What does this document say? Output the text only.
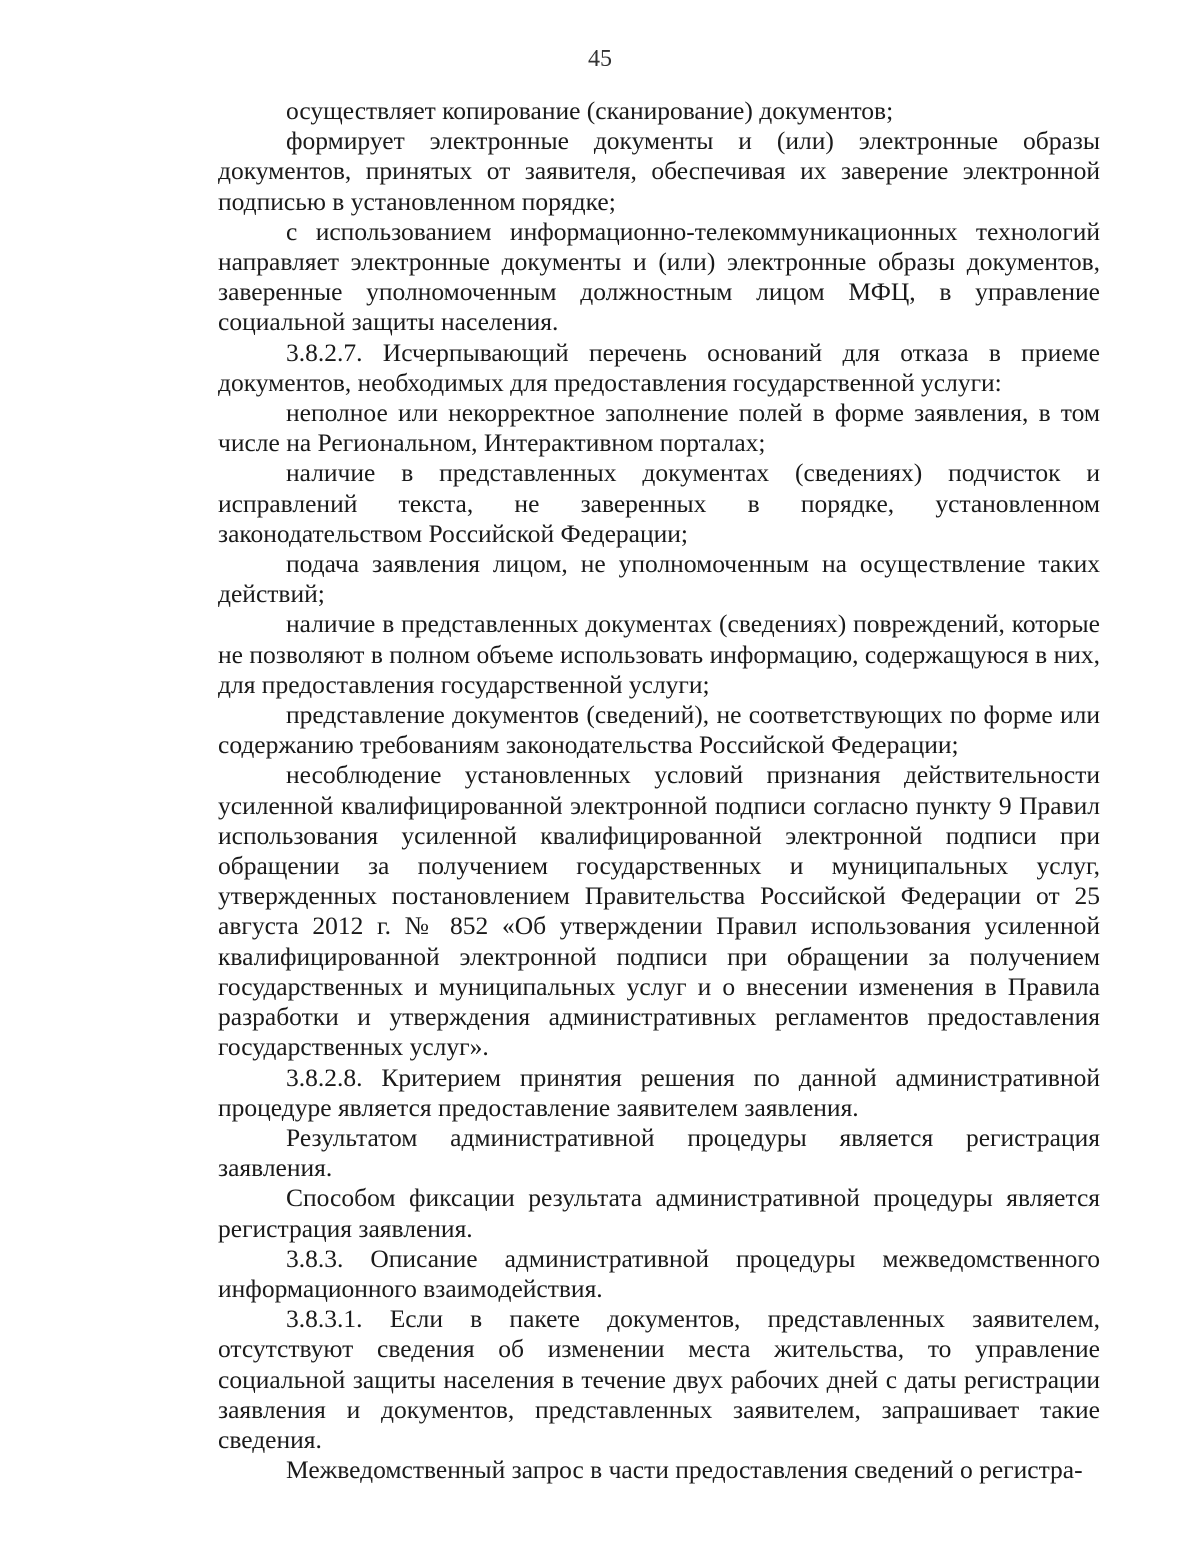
45

осуществляет копирование (сканирование) документов;

формирует электронные документы и (или) электронные образы документов, принятых от заявителя, обеспечивая их заверение электронной подписью в установленном порядке;

с использованием информационно-телекоммуникационных технологий направляет электронные документы и (или) электронные образы документов, заверенные уполномоченным должностным лицом МФЦ, в управление социальной защиты населения.

3.8.2.7. Исчерпывающий перечень оснований для отказа в приеме документов, необходимых для предоставления государственной услуги:

неполное или некорректное заполнение полей в форме заявления, в том числе на Региональном, Интерактивном порталах;

наличие в представленных документах (сведениях) подчисток и исправлений текста, не заверенных в порядке, установленном законодательством Российской Федерации;

подача заявления лицом, не уполномоченным на осуществление таких действий;

наличие в представленных документах (сведениях) повреждений, которые не позволяют в полном объеме использовать информацию, содержащуюся в них, для предоставления государственной услуги;

представление документов (сведений), не соответствующих по форме или содержанию требованиям законодательства Российской Федерации;

несоблюдение установленных условий признания действительности усиленной квалифицированной электронной подписи согласно пункту 9 Правил использования усиленной квалифицированной электронной подписи при обращении за получением государственных и муниципальных услуг, утвержденных постановлением Правительства Российской Федерации от 25 августа 2012 г. № 852 «Об утверждении Правил использования усиленной квалифицированной электронной подписи при обращении за получением государственных и муниципальных услуг и о внесении изменения в Правила разработки и утверждения административных регламентов предоставления государственных услуг».

3.8.2.8. Критерием принятия решения по данной административной процедуре является предоставление заявителем заявления.

Результатом административной процедуры является регистрация заявления.

Способом фиксации результата административной процедуры является регистрация заявления.

3.8.3. Описание административной процедуры межведомственного информационного взаимодействия.

3.8.3.1. Если в пакете документов, представленных заявителем, отсутствуют сведения об изменении места жительства, то управление социальной защиты населения в течение двух рабочих дней с даты регистрации заявления и документов, представленных заявителем, запрашивает такие сведения.

Межведомственный запрос в части предоставления сведений о регистра-
